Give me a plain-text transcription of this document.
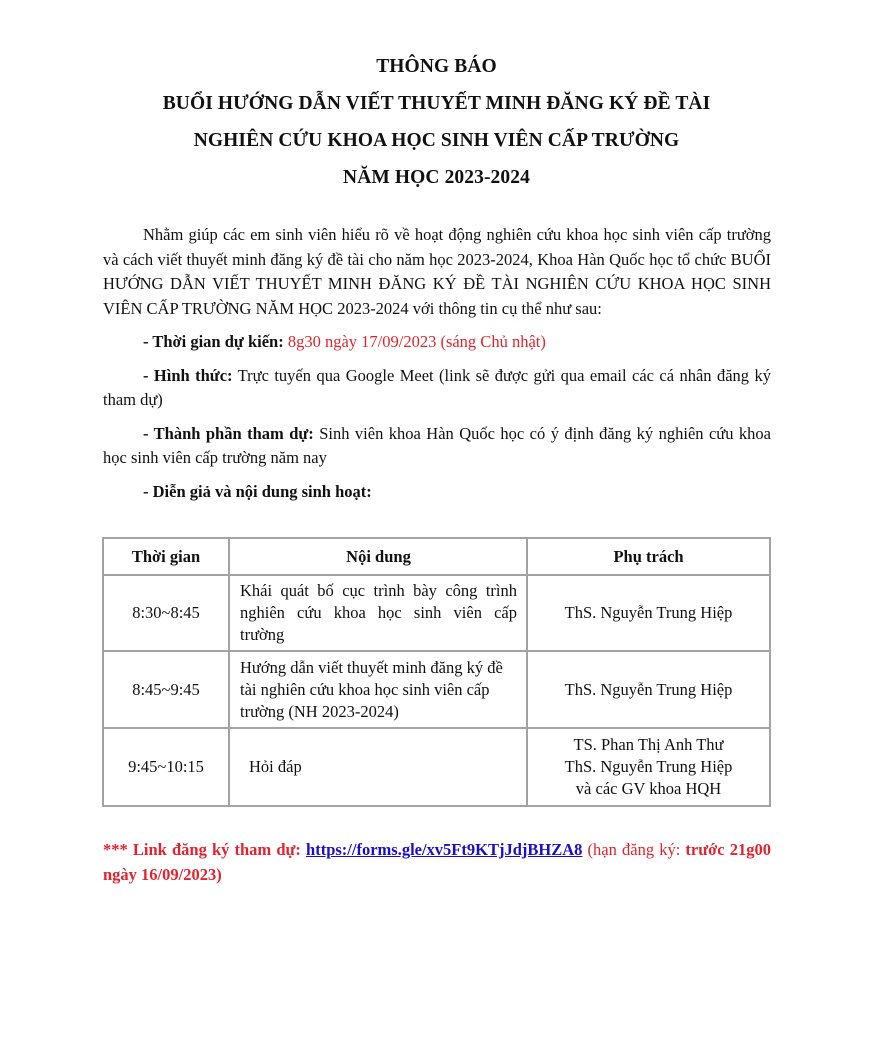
THÔNG BÁO
BUỔI HƯỚNG DẪN VIẾT THUYẾT MINH ĐĂNG KÝ ĐỀ TÀI
NGHIÊN CỨU KHOA HỌC SINH VIÊN CẤP TRƯỜNG
NĂM HỌC 2023-2024

Nhằm giúp các em sinh viên hiểu rõ về hoạt động nghiên cứu khoa học sinh viên cấp trường và cách viết thuyết minh đăng ký đề tài cho năm học 2023-2024, Khoa Hàn Quốc học tổ chức BUỔI HƯỚNG DẪN VIẾT THUYẾT MINH ĐĂNG KÝ ĐỀ TÀI NGHIÊN CỨU KHOA HỌC SINH VIÊN CẤP TRƯỜNG NĂM HỌC 2023-2024 với thông tin cụ thể như sau:

- Thời gian dự kiến: 8g30 ngày 17/09/2023 (sáng Chủ nhật)

- Hình thức: Trực tuyến qua Google Meet (link sẽ được gửi qua email các cá nhân đăng ký tham dự)

- Thành phần tham dự: Sinh viên khoa Hàn Quốc học có ý định đăng ký nghiên cứu khoa học sinh viên cấp trường năm nay

- Diễn giả và nội dung sinh hoạt:

Thời gian	Nội dung	Phụ trách
8:30~8:45	Khái quát bố cục trình bày công trình nghiên cứu khoa học sinh viên cấp trường	ThS. Nguyễn Trung Hiệp

8:45~9:45	Hướng dẫn viết thuyết minh đăng ký đề tài nghiên cứu khoa học sinh viên cấp trường (NH 2023-2024)	ThS. Nguyễn Trung Hiệp

9:45~10:15	Hỏi đáp	TS. Phan Thị Anh Thư
ThS. Nguyễn Trung Hiệp
và các GV khoa HQH
*** Link đăng ký tham dự: https://forms.gle/xv5Ft9KTjJdjBHZA8 (hạn đăng ký: trước 21g00 ngày 16/09/2023)
